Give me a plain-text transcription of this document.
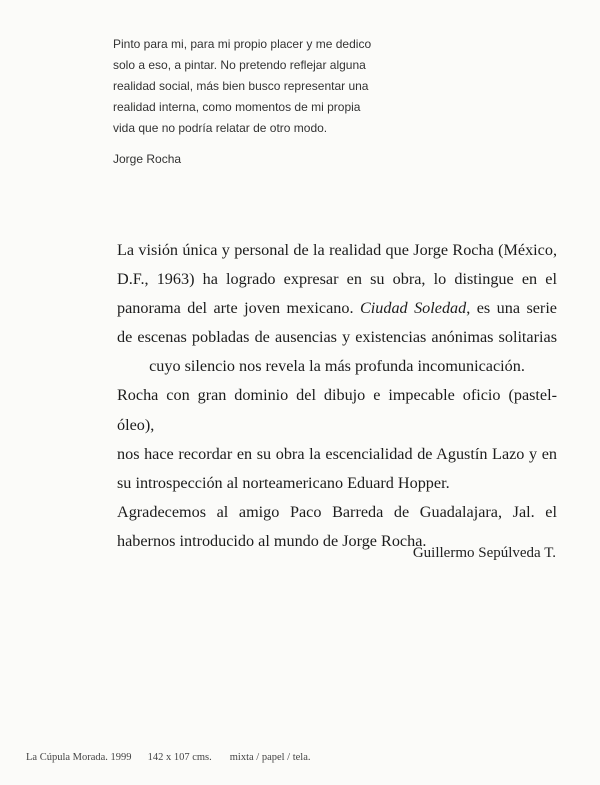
Pinto para mi, para mi propio placer y me dedico
solo a eso, a pintar. No pretendo reflejar alguna
realidad social, más bien busco representar una
realidad interna, como momentos de mi propia
vida que no podría relatar de otro modo.
Jorge Rocha
La visión única y personal de la realidad que Jorge Rocha (México,
D.F., 1963) ha logrado expresar en su obra, lo distingue en el
panorama del arte joven mexicano. Ciudad Soledad, es una serie
de escenas pobladas de ausencias y existencias anónimas solitarias
cuyo silencio nos revela la más profunda incomunicación.
Rocha con gran dominio del dibujo e impecable oficio (pastel-óleo),
nos hace recordar en su obra la escencialidad de Agustín Lazo y en
su introspección al norteamericano Eduard Hopper.
Agradecemos al amigo Paco Barreda de Guadalajara, Jal. el
habernos introducido al mundo de Jorge Rocha.
Guillermo Sepúlveda T.
La Cúpula Morada. 1999 142 x 107 cms. mixta / papel / tela.
